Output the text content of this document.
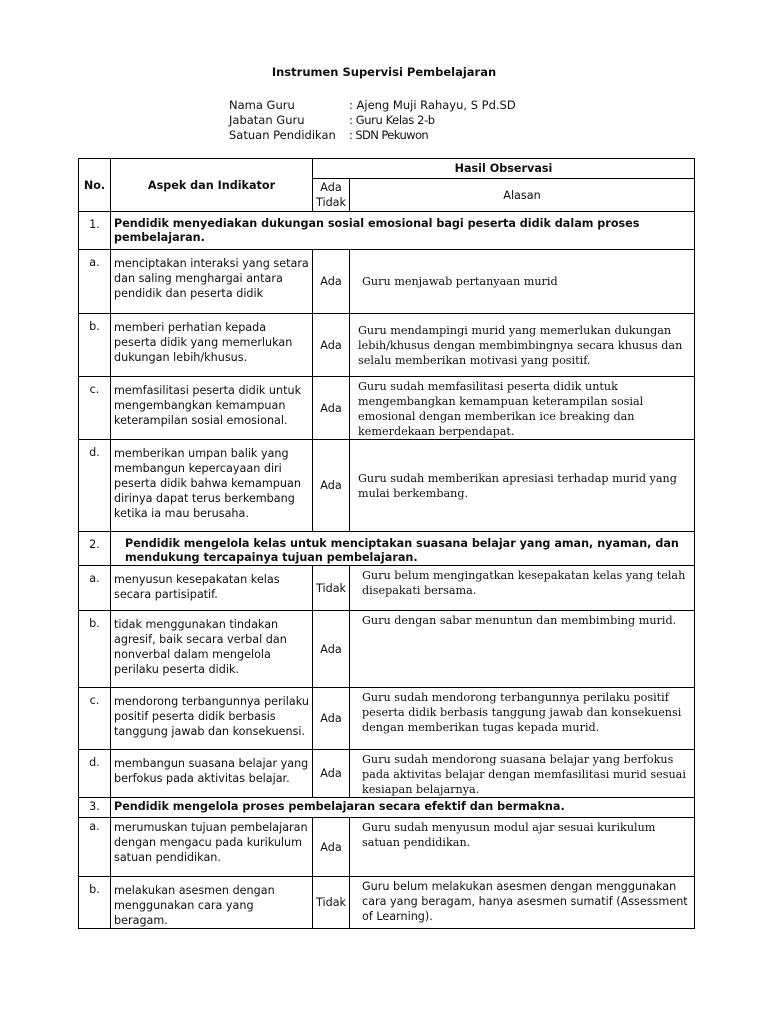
Instrumen Supervisi Pembelajaran
Nama Guru	: Ajeng Muji Rahayu, S Pd.SD
Jabatan Guru	: Guru Kelas 2-b
Satuan Pendidikan	: SDN Pekuwon
No.	Aspek dan Indikator	Hasil Observasi	
		Ada Tidak	Alasan
1.	Pendidik menyediakan dukungan sosial emosional bagi peserta didik dalam proses pembelajaran.		
a.	menciptakan interaksi yang setara dan saling menghargai antara pendidik dan peserta didik	Ada	Guru menjawab pertanyaan murid
b.	memberi perhatian kepada peserta didik yang memerlukan dukungan lebih/khusus.	Ada	Guru mendampingi murid yang memerlukan dukungan lebih/khusus dengan membimbingnya secara khusus dan selalu memberikan motivasi yang positif.
c.	memfasilitasi peserta didik untuk mengembangkan kemampuan keterampilan sosial emosional.	Ada	Guru sudah memfasilitasi peserta didik untuk mengembangkan kemampuan keterampilan sosial emosional dengan memberikan ice breaking dan kemerdekaan berpendapat.
d.	memberikan umpan balik yang membangun kepercayaan diri peserta didik bahwa kemampuan dirinya dapat terus berkembang ketika ia mau berusaha.	Ada	Guru sudah memberikan apresiasi terhadap murid yang mulai berkembang.
2.	Pendidik mengelola kelas untuk menciptakan suasana belajar yang aman, nyaman, dan mendukung tercapainya tujuan pembelajaran.		
a.	menyusun kesepakatan kelas secara partisipatif.	Tidak	Guru belum mengingatkan kesepakatan kelas yang telah disepakati bersama.
b.	tidak menggunakan tindakan agresif, baik secara verbal dan nonverbal dalam mengelola perilaku peserta didik.	Ada	Guru dengan sabar menuntun dan membimbing murid.
c.	mendorong terbangunnya perilaku positif peserta didik berbasis tanggung jawab dan konsekuensi.	Ada	Guru sudah mendorong terbangunnya perilaku positif peserta didik berbasis tanggung jawab dan konsekuensi dengan memberikan tugas kepada murid.
d.	membangun suasana belajar yang berfokus pada aktivitas belajar.	Ada	Guru sudah mendorong suasana belajar yang berfokus pada aktivitas belajar dengan memfasilitasi murid sesuai kesiapan belajarnya.
3.	Pendidik mengelola proses pembelajaran secara efektif dan bermakna.		
a.	merumuskan tujuan pembelajaran dengan mengacu pada kurikulum satuan pendidikan.	Ada	Guru sudah menyusun modul ajar sesuai kurikulum satuan pendidikan.
b.	melakukan asesmen dengan menggunakan cara yang beragam.	Tidak	Guru belum melakukan asesmen dengan menggunakan cara yang beragam, hanya asesmen sumatif (Assessment of Learning).
